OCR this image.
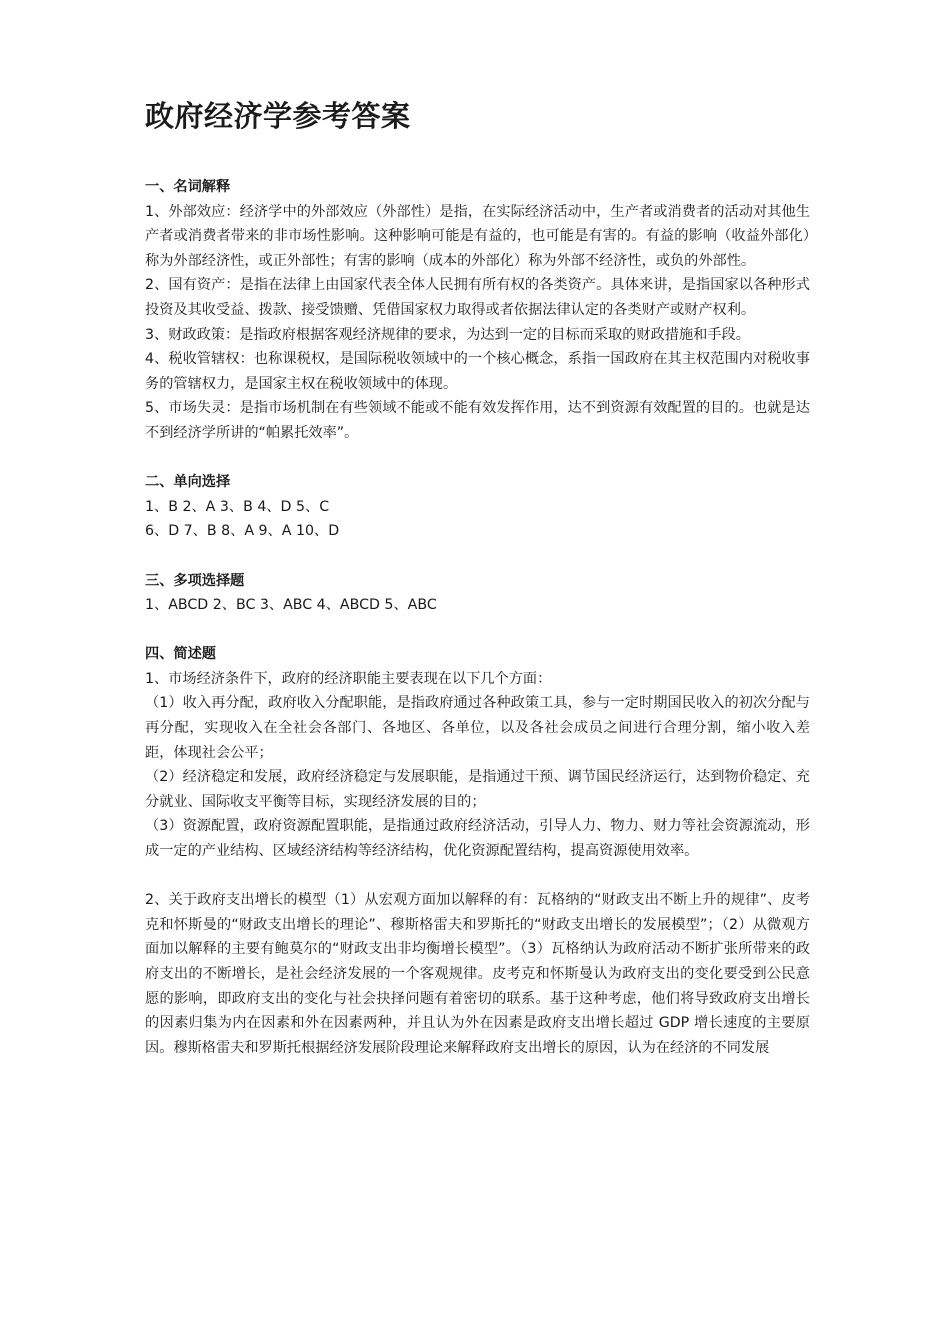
政府经济学参考答案

一、名词解释

1、外部效应：经济学中的外部效应（外部性）是指，在实际经济活动中，生产者或消费者的活动对其他生产者或消费者带来的非市场性影响。这种影响可能是有益的，也可能是有害的。有益的影响（收益外部化）称为外部经济性，或正外部性；有害的影响（成本的外部化）称为外部不经济性，或负的外部性。

2、国有资产：是指在法律上由国家代表全体人民拥有所有权的各类资产。具体来讲，是指国家以各种形式投资及其收受益、拨款、接受馈赠、凭借国家权力取得或者依据法律认定的各类财产或财产权利。

3、财政政策：是指政府根据客观经济规律的要求，为达到一定的目标而采取的财政措施和手段。

4、税收管辖权：也称课税权，是国际税收领域中的一个核心概念，系指一国政府在其主权范围内对税收事务的管辖权力，是国家主权在税收领域中的体现。

5、市场失灵：是指市场机制在有些领域不能或不能有效发挥作用，达不到资源有效配置的目的。也就是达不到经济学所讲的“帕累托效率”。

二、单向选择

1、B 2、A 3、B 4、D 5、C

6、D 7、B 8、A 9、A 10、D

三、多项选择题

1、ABCD 2、BC 3、ABC 4、ABCD 5、ABC

四、简述题

1、市场经济条件下，政府的经济职能主要表现在以下几个方面：

（1）收入再分配，政府收入分配职能，是指政府通过各种政策工具，参与一定时期国民收入的初次分配与再分配，实现收入在全社会各部门、各地区、各单位，以及各社会成员之间进行合理分割，缩小收入差距，体现社会公平；

（2）经济稳定和发展，政府经济稳定与发展职能，是指通过干预、调节国民经济运行，达到物价稳定、充分就业、国际收支平衡等目标，实现经济发展的目的；

（3）资源配置，政府资源配置职能，是指通过政府经济活动，引导人力、物力、财力等社会资源流动，形成一定的产业结构、区域经济结构等经济结构，优化资源配置结构，提高资源使用效率。

2、关于政府支出增长的模型（1）从宏观方面加以解释的有：瓦格纳的“财政支出不断上升的规律”、皮考克和怀斯曼的“财政支出增长的理论”、穆斯格雷夫和罗斯托的“财政支出增长的发展模型”；（2）从微观方面加以解释的主要有鲍莫尔的“财政支出非均衡增长模型”。（3）瓦格纳认为政府活动不断扩张所带来的政府支出的不断增长，是社会经济发展的一个客观规律。皮考克和怀斯曼认为政府支出的变化要受到公民意愿的影响，即政府支出的变化与社会抉择问题有着密切的联系。基于这种考虑，他们将导致政府支出增长的因素归集为内在因素和外在因素两种，并且认为外在因素是政府支出增长超过 GDP 增长速度的主要原因。穆斯格雷夫和罗斯托根据经济发展阶段理论来解释政府支出增长的原因，认为在经济的不同发展
